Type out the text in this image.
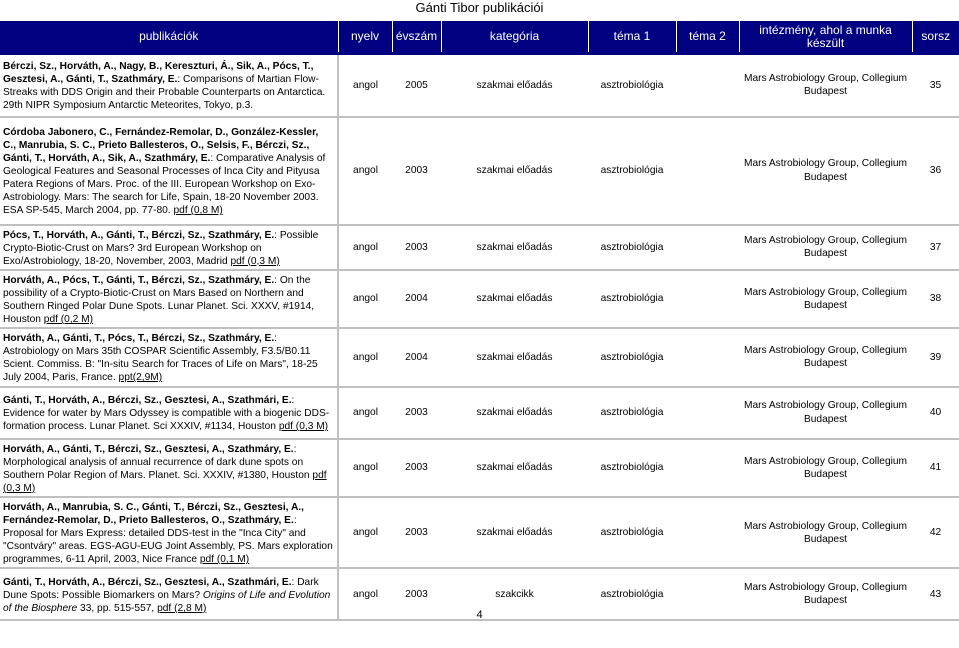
Gánti Tibor publikációi
publikációk	nyelv	évszám	kategória	téma 1	téma 2	intézmény, ahol a munka készült	sorsz

Bérczi, Sz., Horváth, A., Nagy, B., Kereszturi, Á., Sik, A., Pócs, T., Gesztesi, A., Gánti, T., Szathmáry, E.: Comparisons of Martian Flow-Streaks with DDS Origin and their Probable Counterparts on Antarctica. 29th NIPR Symposium Antarctic Meteorites, Tokyo, p.3.	angol	2005	szakmai előadás	asztrobiológia		Mars Astrobiology Group, Collegium Budapest	35

Córdoba Jabonero, C., Fernández-Remolar, D., González-Kessler, C., Manrubia, S. C., Prieto Ballesteros, O., Selsis, F., Bérczi, Sz., Gánti, T., Horváth, A., Sik, A., Szathmáry, E.: Comparative Analysis of Geological Features and Seasonal Processes of Inca City and Pityusa Patera Regions of Mars. Proc. of the III. European Workshop on Exo-Astrobiology. Mars: The search for Life, Spain, 18-20 November 2003. ESA SP-545, March 2004, pp. 77-80. pdf (0,8 M)	angol	2003	szakmai előadás	asztrobiológia		Mars Astrobiology Group, Collegium Budapest	36

Pócs, T., Horváth, A., Gánti, T., Bérczi, Sz., Szathmáry, E.: Possible Crypto-Biotic-Crust on Mars? 3rd European Workshop on Exo/Astrobiology, 18-20, November, 2003, Madrid pdf (0,3 M)	angol	2003	szakmai előadás	asztrobiológia		Mars Astrobiology Group, Collegium Budapest	37

Horváth, A., Pócs, T., Gánti, T., Bérczi, Sz., Szathmáry, E.: On the possibility of a Crypto-Biotic-Crust on Mars Based on Northern and Southern Ringed Polar Dune Spots. Lunar Planet. Sci. XXXV, #1914, Houston pdf (0,2 M)	angol	2004	szakmai előadás	asztrobiológia		Mars Astrobiology Group, Collegium Budapest	38

Horváth, A., Gánti, T., Pócs, T., Bérczi, Sz., Szathmáry, E.: Astrobiology on Mars 35th COSPAR Scientific Assembly, F3.5/B0.11 Scient. Commiss. B: "In-situ Search for Traces of Life on Mars", 18-25 July 2004, Paris, France. ppt(2,9M)	angol	2004	szakmai előadás	asztrobiológia		Mars Astrobiology Group, Collegium Budapest	39

Gánti, T., Horváth, A., Bérczi, Sz., Gesztesi, A., Szathmári, E.: Evidence for water by Mars Odyssey is compatible with a biogenic DDS-formation process. Lunar Planet. Sci XXXIV, #1134, Houston pdf (0,3 M)	angol	2003	szakmai előadás	asztrobiológia		Mars Astrobiology Group, Collegium Budapest	40

Horváth, A., Gánti, T., Bérczi, Sz., Gesztesi, A., Szathmáry, E.: Morphological analysis of annual recurrence of dark dune spots on Southern Polar Region of Mars. Planet. Sci. XXXIV, #1380, Houston pdf (0,3 M)	angol	2003	szakmai előadás	asztrobiológia		Mars Astrobiology Group, Collegium Budapest	41

Horváth, A., Manrubia, S. C., Gánti, T., Bérczi, Sz., Gesztesi, A., Fernández-Remolar, D., Prieto Ballesteros, O., Szathmáry, E.: Proposal for Mars Express: detailed DDS-test in the "Inca City" and "Csontváry" areas. EGS-AGU-EUG Joint Assembly, PS. Mars exploration programmes, 6-11 April, 2003, Nice France pdf (0,1 M)	angol	2003	szakmai előadás	asztrobiológia		Mars Astrobiology Group, Collegium Budapest	42

Gánti, T., Horváth, A., Bérczi, Sz., Gesztesi, A., Szathmári, E.: Dark Dune Spots: Possible Biomarkers on Mars? Origins of Life and Evolution of the Biosphere 33, pp. 515-557, pdf (2,8 M)	angol	2003	szakcikk	asztrobiológia		Mars Astrobiology Group, Collegium Budapest	43
4
